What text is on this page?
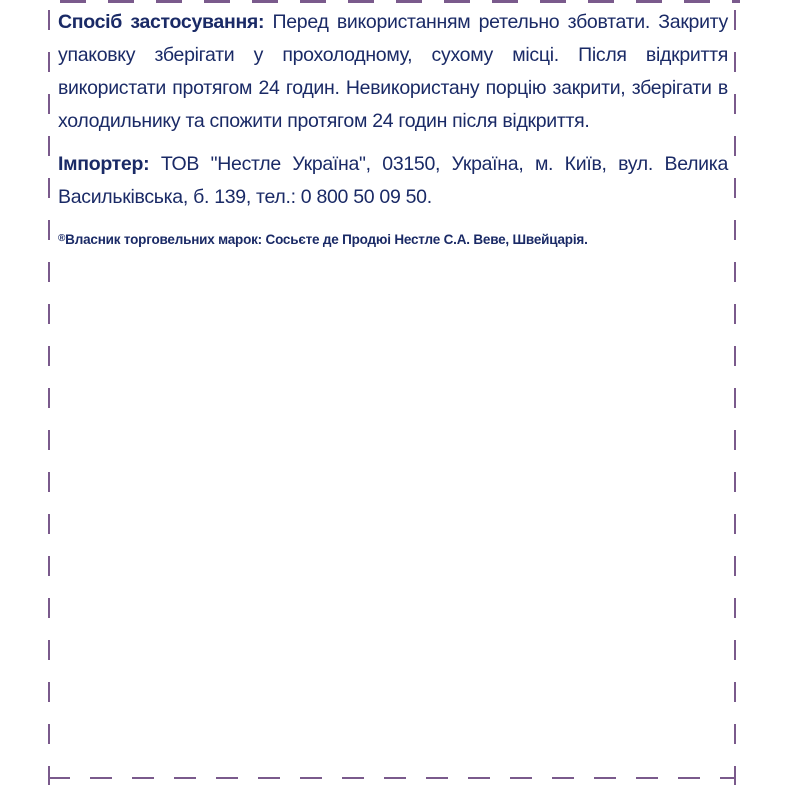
Спосіб застосування: Перед використанням ретельно збовтати. Закриту упаковку зберігати у прохолодному, сухому місці. Після відкриття використати протягом 24 годин. Невикористану порцію закрити, зберігати в холодильнику та спожити протягом 24 годин після відкриття.

Імпортер: ТОВ "Нестле Україна", 03150, Україна, м. Київ, вул. Велика Васильківська, б. 139, тел.: 0 800 50 09 50.

®Власник торговельних марок: Сосьєте де Продюі Нестле С.А. Веве, Швейцарія.
